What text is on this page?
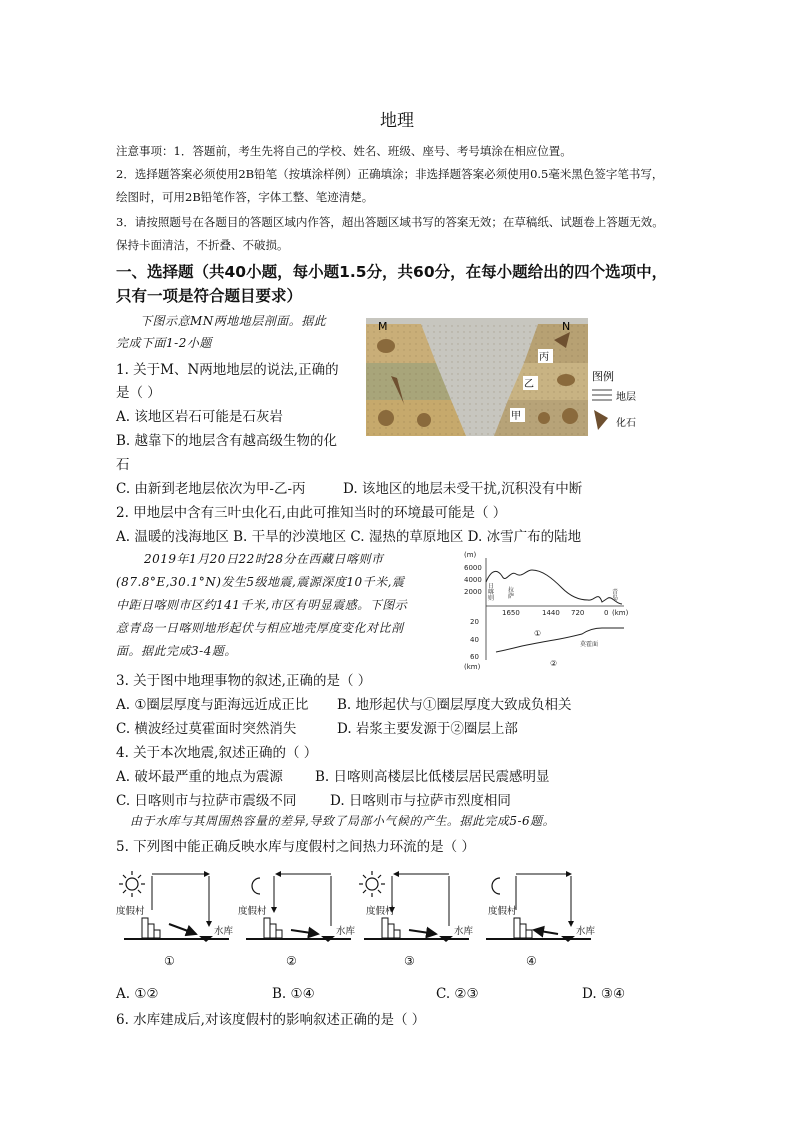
地理
注意事项：1．答题前，考生先将自己的学校、姓名、班级、座号、考号填涂在相应位置。
2．选择题答案必须使用2B铅笔（按填涂样例）正确填涂；非选择题答案必须使用0.5毫米黑色签字笔书写，
绘图时，可用2B铅笔作答，字体工整、笔迹清楚。
3．请按照题号在各题目的答题区域内作答，超出答题区域书写的答案无效；在草稿纸、试题卷上答题无效。
保持卡面清洁，不折叠、不破损。
一、选择题（共40小题，每小题1.5分，共60分，在每小题给出的四个选项中，
只有一项是符合题目要求）
下图示意MN两地地层剖面。据此
完成下面1-2小题
1. 关于M、N两地地层的说法,正确的
是（ ）
A. 该地区岩石可能是石灰岩
B. 越靠下的地层含有越高级生物的化
石
C. 由新到老地层依次为甲-乙-丙	D. 该地区的地层未受干扰,沉积没有中断
M	N
丙
乙
甲
图例
地层
化石
2. 甲地层中含有三叶虫化石,由此可推知当时的环境最可能是（ ）
A. 温暖的浅海地区 B. 干旱的沙漠地区 C. 湿热的草原地区 D. 冰雪广布的陆地
2019年1月20日22时28分在西藏日喀则市
(87.8°E,30.1°N)发生5级地震,震源深度10千米,震
中距日喀则市区约141千米,市区有明显震感。下图示
意青岛一日喀则地形起伏与相应地壳厚度变化对比剖
面。据此完成3-4题。
(m)
6000
4000
2000
20
40
60
(km)
1650	1440 720	0 (km)
日喀则
拉萨
青岛
①
②
莫霍面
3. 关于图中地理事物的叙述,正确的是（ ）
A. ①圈层厚度与距海远近成正比 B. 地形起伏与①圈层厚度大致成负相关
C. 横波经过莫霍面时突然消失	D. 岩浆主要发源于②圈层上部
4. 关于本次地震,叙述正确的（ ）
A. 破坏最严重的地点为震源 B. 日喀则高楼层比低楼层居民震感明显
C. 日喀则市与拉萨市震级不同 D. 日喀则市与拉萨市烈度相同
由于水库与其周围热容量的差异,导致了局部小气候的产生。据此完成5-6题。
5. 下列图中能正确反映水库与度假村之间热力环流的是（ ）
度假村
水库
①
度假村
水库
②
度假村
水库
③
度假村
水库
④
A. ①②	B. ①④	C. ②③	D. ③④
6. 水库建成后,对该度假村的影响叙述正确的是（ ）
